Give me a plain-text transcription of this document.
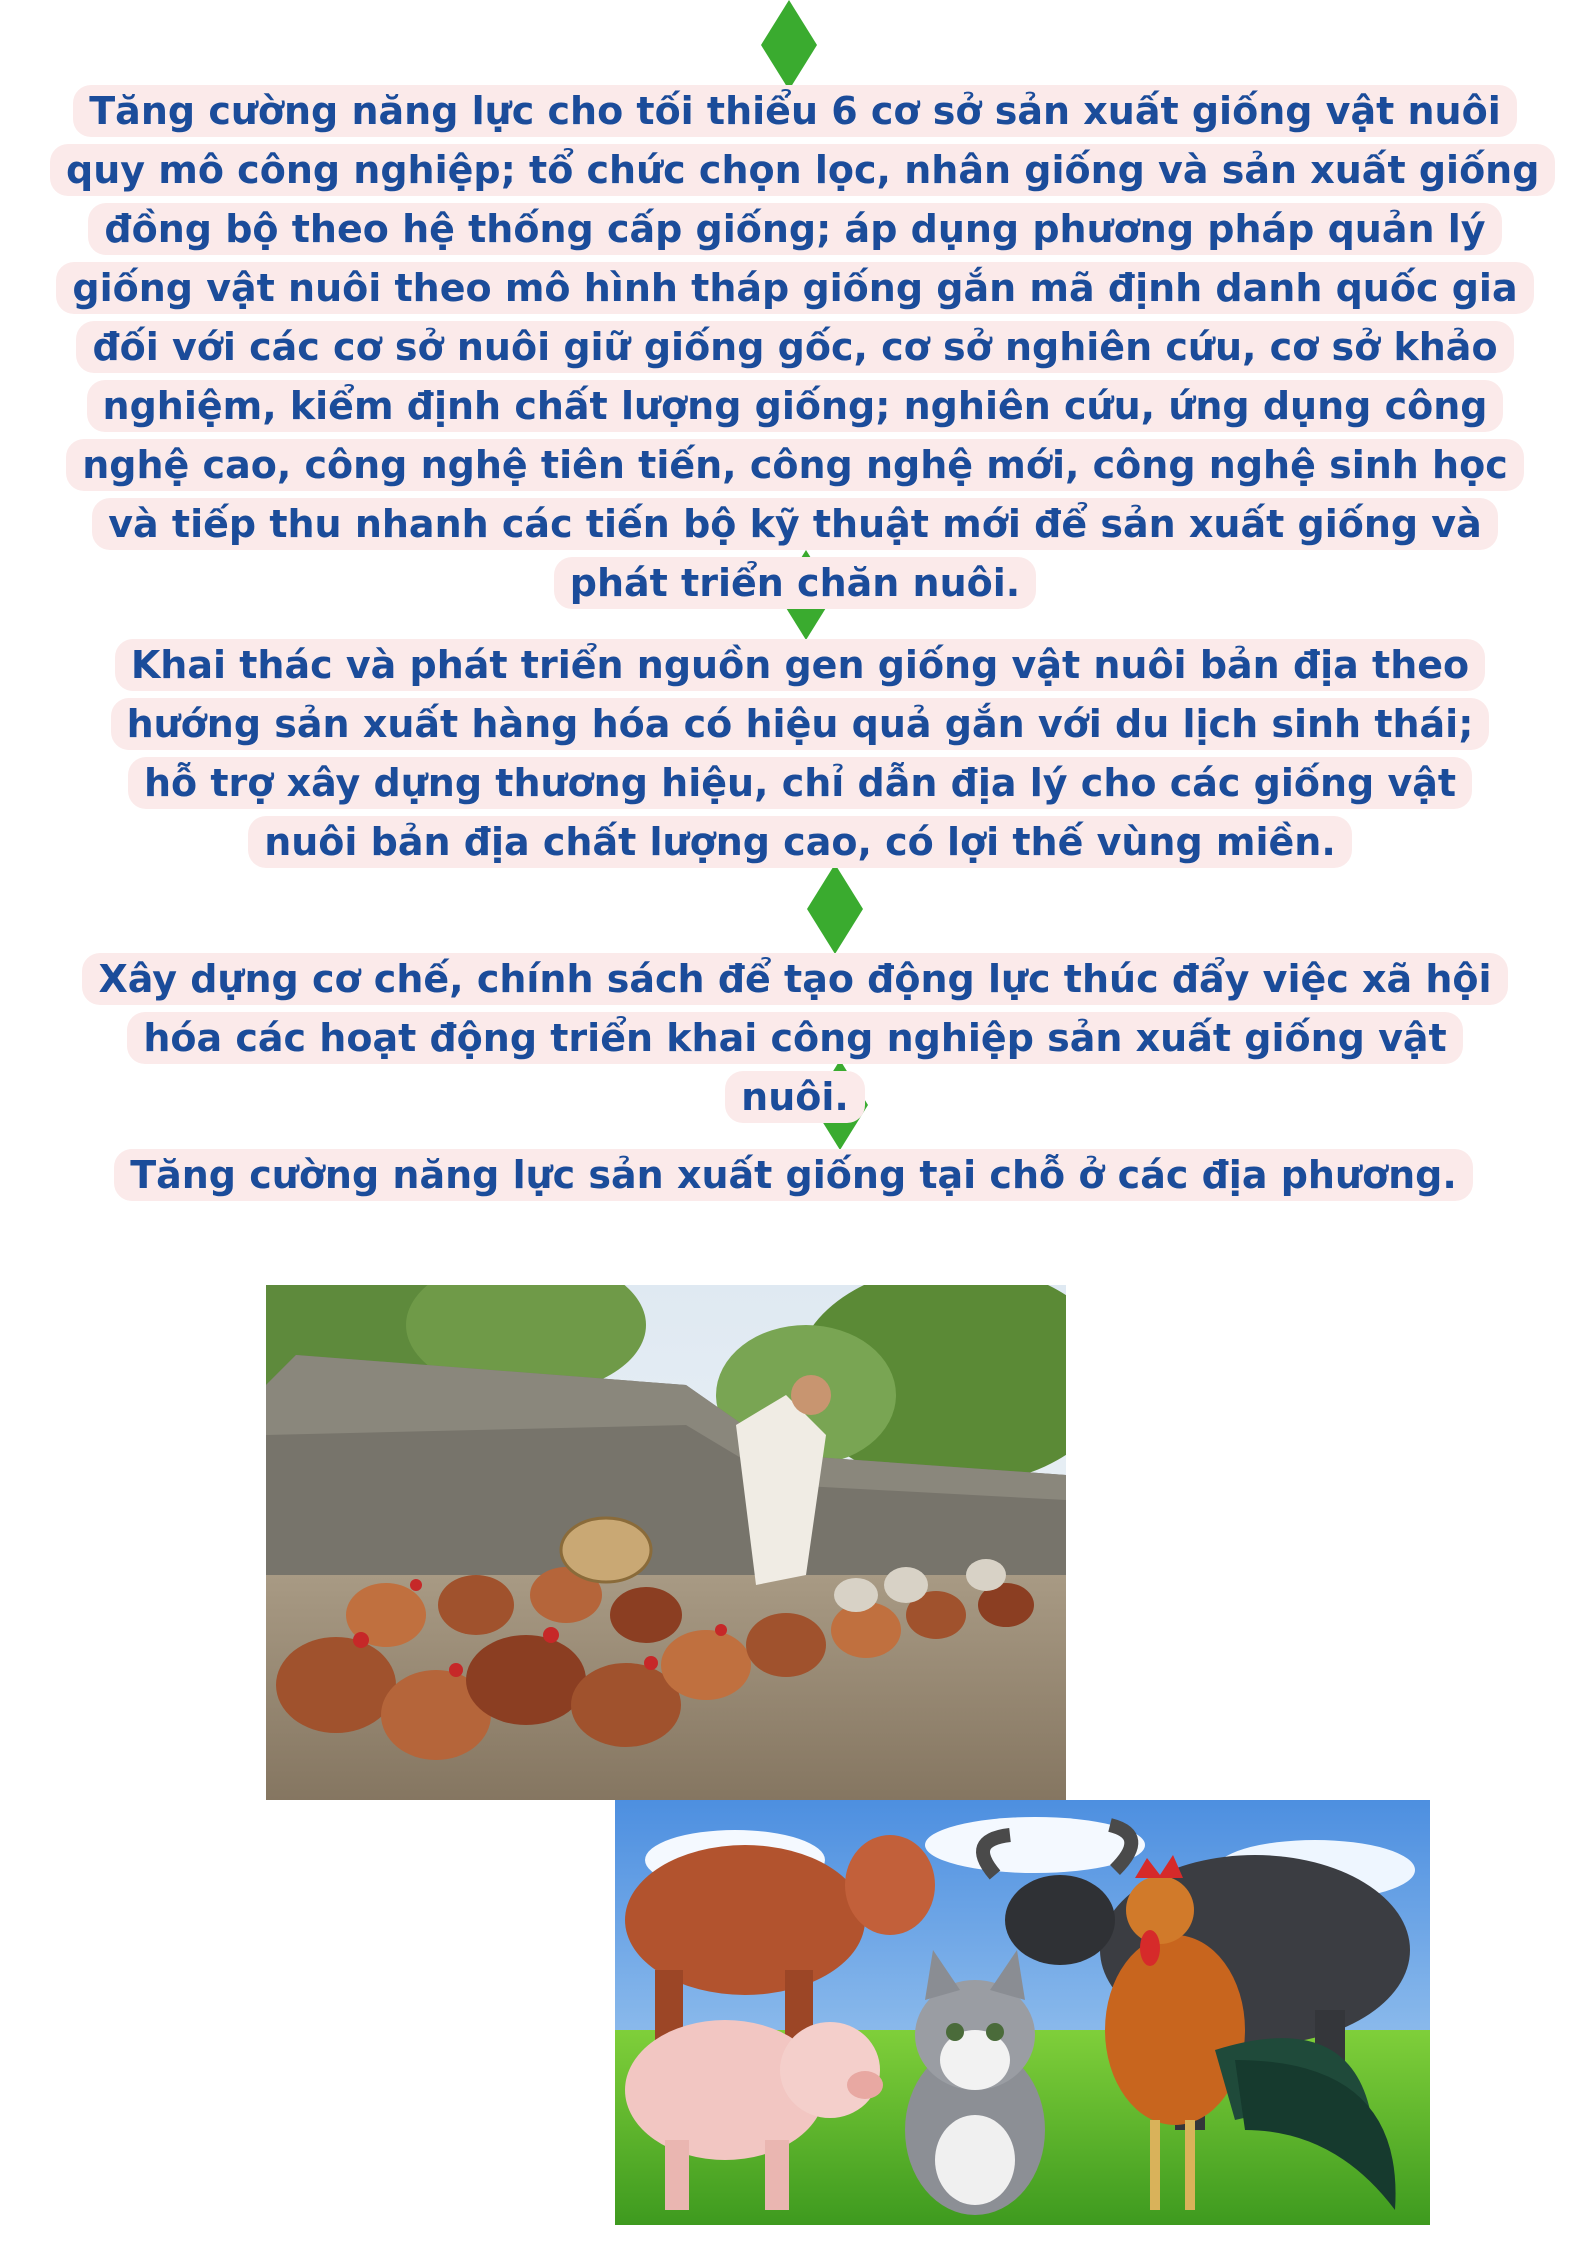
Tăng cường năng lực cho tối thiểu 6 cơ sở sản xuất giống vật nuôi quy mô công nghiệp; tổ chức chọn lọc, nhân giống và sản xuất giống đồng bộ theo hệ thống cấp giống; áp dụng phương pháp quản lý giống vật nuôi theo mô hình tháp giống gắn mã định danh quốc gia đối với các cơ sở nuôi giữ giống gốc, cơ sở nghiên cứu, cơ sở khảo nghiệm, kiểm định chất lượng giống; nghiên cứu, ứng dụng công nghệ cao, công nghệ tiên tiến, công nghệ mới, công nghệ sinh học và tiếp thu nhanh các tiến bộ kỹ thuật mới để sản xuất giống và phát triển chăn nuôi.

Khai thác và phát triển nguồn gen giống vật nuôi bản địa theo hướng sản xuất hàng hóa có hiệu quả gắn với du lịch sinh thái; hỗ trợ xây dựng thương hiệu, chỉ dẫn địa lý cho các giống vật nuôi bản địa chất lượng cao, có lợi thế vùng miền.

Xây dựng cơ chế, chính sách để tạo động lực thúc đẩy việc xã hội hóa các hoạt động triển khai công nghiệp sản xuất giống vật nuôi.

Tăng cường năng lực sản xuất giống tại chỗ ở các địa phương.
